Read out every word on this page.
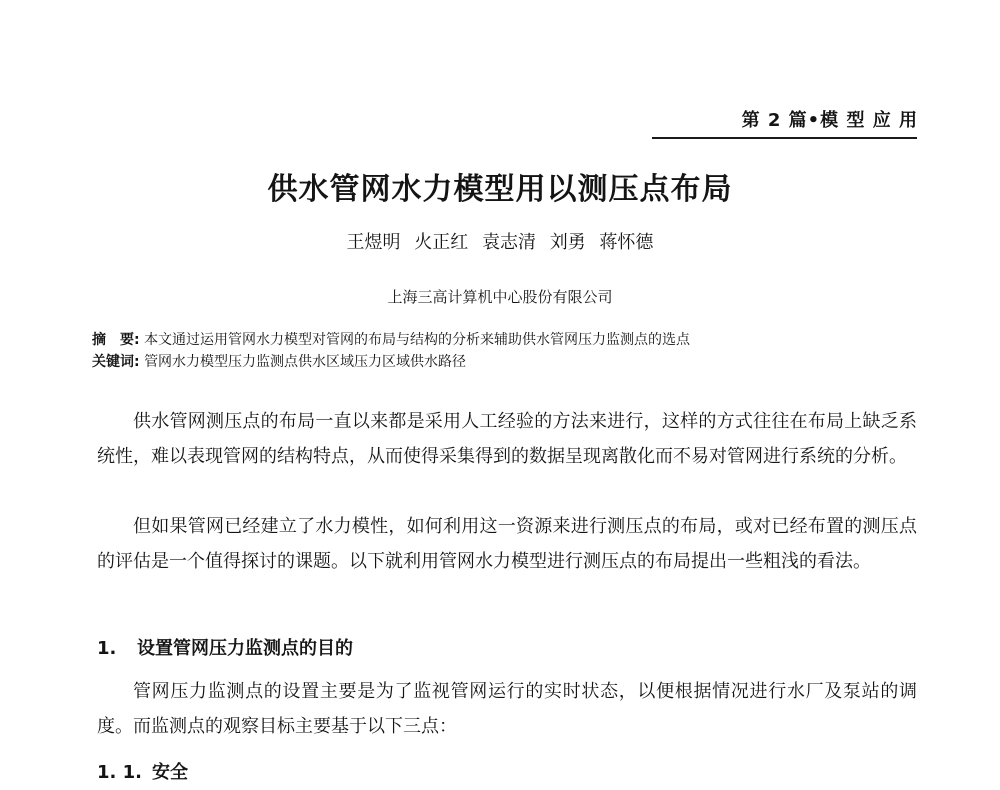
第 2 篇•模 型 应 用
供水管网水力模型用以测压点布局
王煜明 火正红 袁志清 刘勇 蒋怀德
上海三高计算机中心股份有限公司
摘　要: 本文通过运用管网水力模型对管网的布局与结构的分析来辅助供水管网压力监测点的选点
关键词: 管网水力模型压力监测点供水区域压力区域供水路径

供水管网测压点的布局一直以来都是采用人工经验的方法来进行，这样的方式往往在布局上缺乏系统性，难以表现管网的结构特点，从而使得采集得到的数据呈现离散化而不易对管网进行系统的分析。

但如果管网已经建立了水力模性，如何利用这一资源来进行测压点的布局，或对已经布置的测压点的评估是一个值得探讨的课题。以下就利用管网水力模型进行测压点的布局提出一些粗浅的看法。

1. 设置管网压力监测点的目的

管网压力监测点的设置主要是为了监视管网运行的实时状态，以便根据情况进行水厂及泵站的调度。而监测点的观察目标主要基于以下三点：

1. 1. 安全
